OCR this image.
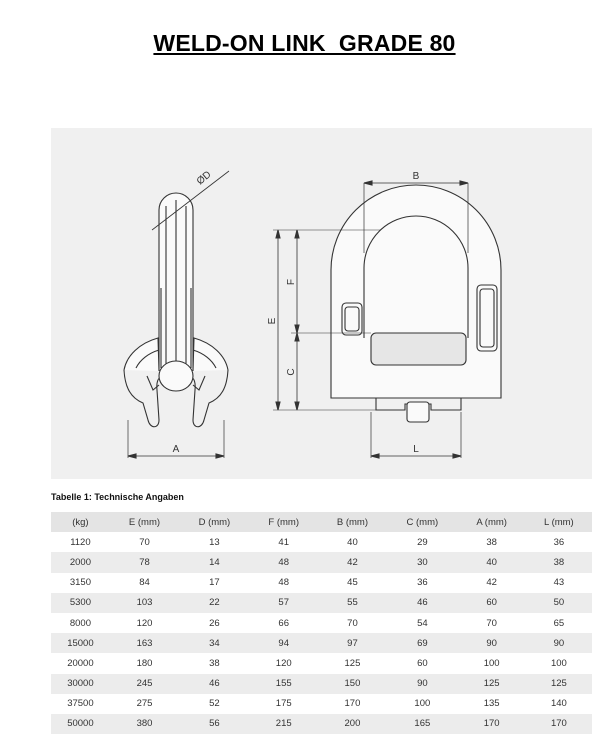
WELD-ON LINK  GRADE 80
ØD
A
B
E
F
C
L
Tabelle 1: Technische Angaben
(kg)	E (mm)	D (mm)	F (mm)	B (mm)	C (mm)	A (mm)	L (mm)
1120	70	13	41	40	29	38	36
2000	78	14	48	42	30	40	38
3150	84	17	48	45	36	42	43
5300	103	22	57	55	46	60	50
8000	120	26	66	70	54	70	65
15000	163	34	94	97	69	90	90
20000	180	38	120	125	60	100	100
30000	245	46	155	150	90	125	125
37500	275	52	175	170	100	135	140
50000	380	56	215	200	165	170	170
